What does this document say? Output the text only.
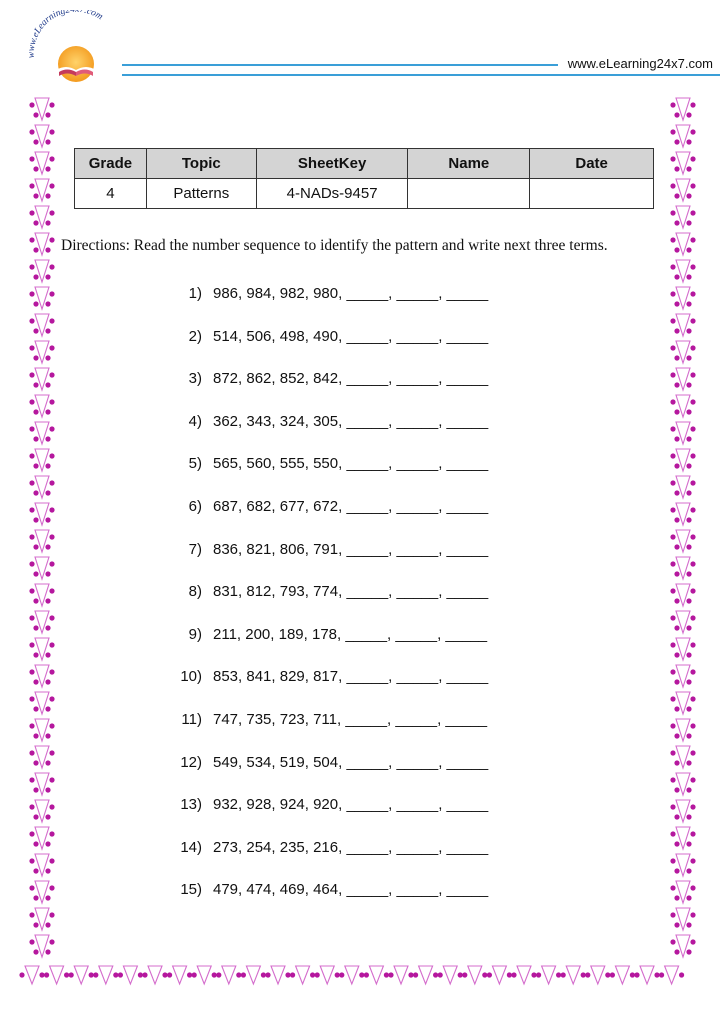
www.eLearning2 7.com
www.eLearning24x7.com
Grade	Topic	SheetKey	Name	Date
4	Patterns	4-NADs-9457		
Directions: Read the number sequence to identify the pattern and write next three terms.
1) 986, 984, 982, 980, _____, _____, _____
2) 514, 506, 498, 490, _____, _____, _____
3) 872, 862, 852, 842, _____, _____, _____
4) 362, 343, 324, 305, _____, _____, _____
5) 565, 560, 555, 550, _____, _____, _____
6) 687, 682, 677, 672, _____, _____, _____
7) 836, 821, 806, 791, _____, _____, _____
8) 831, 812, 793, 774, _____, _____, _____
9) 211, 200, 189, 178, _____, _____, _____
10) 853, 841, 829, 817, _____, _____, _____
11) 747, 735, 723, 711, _____, _____, _____
12) 549, 534, 519, 504, _____, _____, _____
13) 932, 928, 924, 920, _____, _____, _____
14) 273, 254, 235, 216, _____, _____, _____
15) 479, 474, 469, 464, _____, _____, _____
